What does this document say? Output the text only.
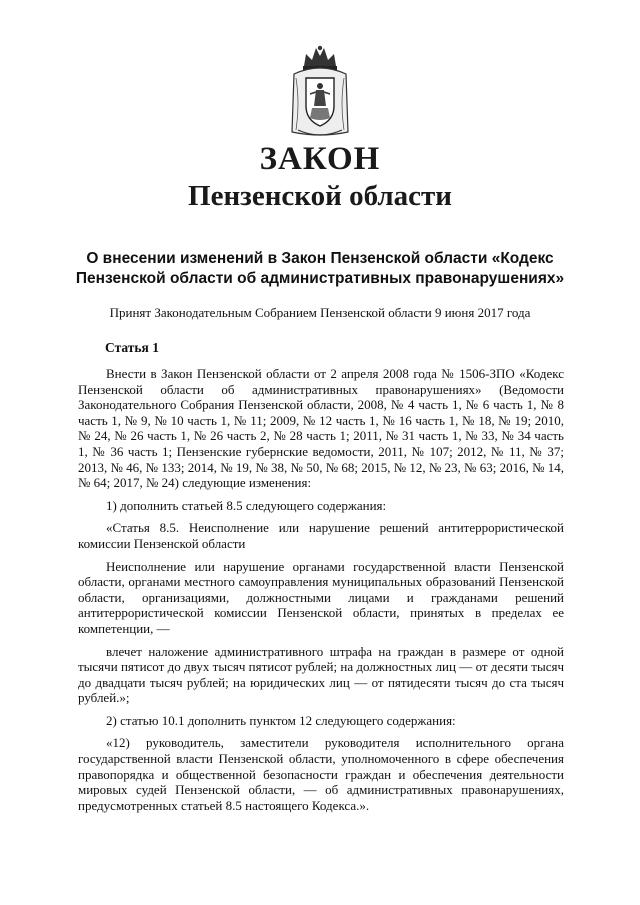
ЗАКОН
Пензенской области
О внесении изменений в Закон Пензенской области «Кодекс
Пензенской области об административных правонарушениях»
Принят Законодательным Собранием Пензенской области 9 июня 2017 года
Статья 1

Внести в Закон Пензенской области от 2 апреля 2008 года № 1506-ЗПО «Кодекс Пензенской области об административных правонарушениях» (Ведомости Законодательного Собрания Пензенской области, 2008, № 4 часть 1, № 6 часть 1, № 8 часть 1, № 9, № 10 часть 1, № 11; 2009, № 12 часть 1, № 16 часть 1, № 18, № 19; 2010, № 24, № 26 часть 1, № 26 часть 2, № 28 часть 1; 2011, № 31 часть 1, № 33, № 34 часть 1, № 36 часть 1; Пензенские губернские ведомости, 2011, № 107; 2012, № 11, № 37; 2013, № 46, № 133; 2014, № 19, № 38, № 50, № 68; 2015, № 12, № 23, № 63; 2016, № 14, № 64; 2017, № 24) следующие изменения:

1) дополнить статьей 8.5 следующего содержания:

«Статья 8.5. Неисполнение или нарушение решений антитеррористической комиссии Пензенской области

Неисполнение или нарушение органами государственной власти Пензенской области, органами местного самоуправления муниципальных образований Пензенской области, организациями, должностными лицами и гражданами решений антитеррористической комиссии Пензенской области, принятых в пределах ее компетенции, —

влечет наложение административного штрафа на граждан в размере от одной тысячи пятисот до двух тысяч пятисот рублей; на должностных лиц — от десяти тысяч до двадцати тысяч рублей; на юридических лиц — от пятидесяти тысяч до ста тысяч рублей.»;

2) статью 10.1 дополнить пунктом 12 следующего содержания:

«12) руководитель, заместители руководителя исполнительного органа государственной власти Пензенской области, уполномоченного в сфере обеспечения правопорядка и общественной безопасности граждан и обеспечения деятельности мировых судей Пензенской области, — об административных правонарушениях, предусмотренных статьей 8.5 настоящего Кодекса.».
